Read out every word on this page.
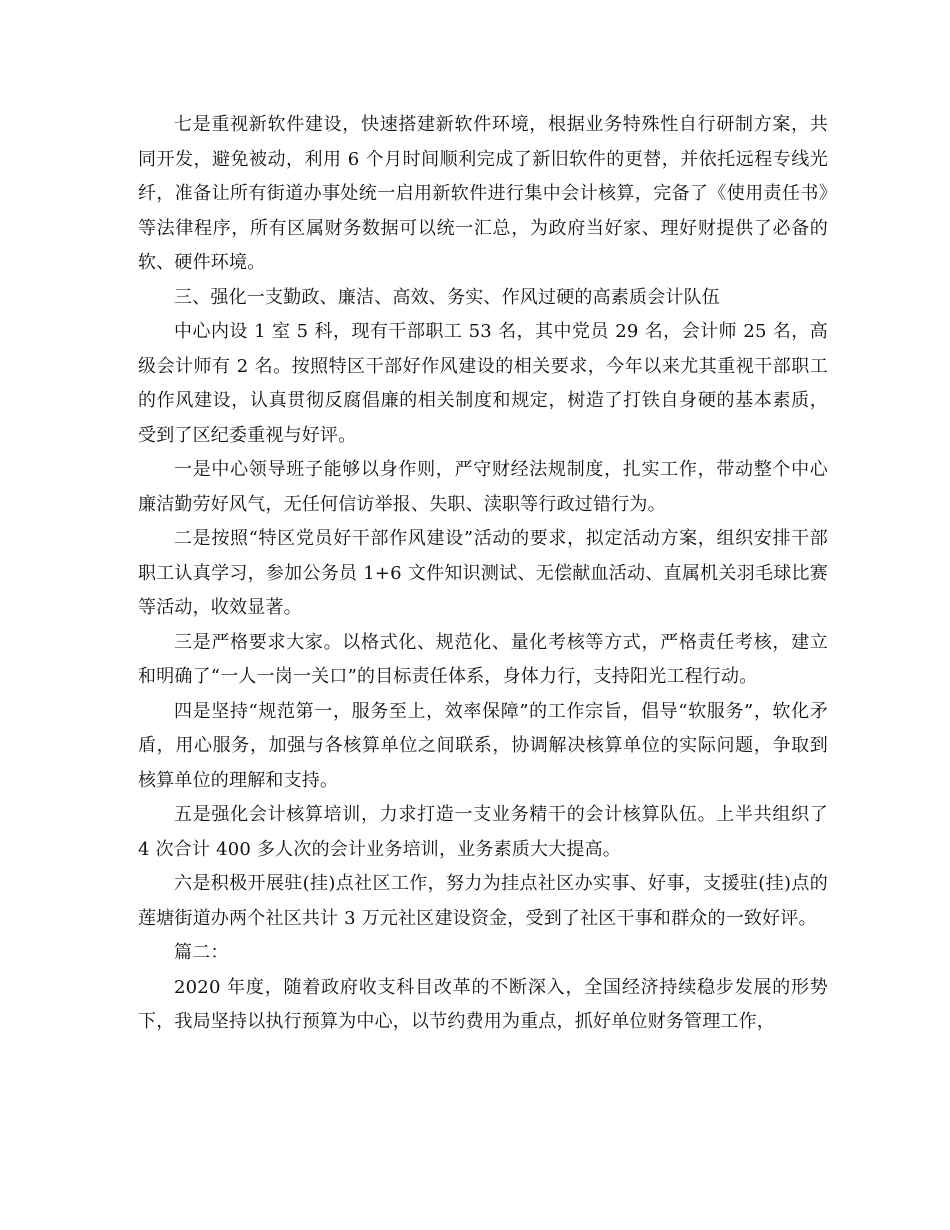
七是重视新软件建设，快速搭建新软件环境，根据业务特殊性自行研制方案，共同开发，避免被动，利用 6 个月时间顺利完成了新旧软件的更替，并依托远程专线光纤，准备让所有街道办事处统一启用新软件进行集中会计核算，完备了《使用责任书》等法律程序，所有区属财务数据可以统一汇总，为政府当好家、理好财提供了必备的软、硬件环境。

三、强化一支勤政、廉洁、高效、务实、作风过硬的高素质会计队伍

中心内设 1 室 5 科，现有干部职工 53 名，其中党员 29 名，会计师 25 名，高级会计师有 2 名。按照特区干部好作风建设的相关要求，今年以来尤其重视干部职工的作风建设，认真贯彻反腐倡廉的相关制度和规定，树造了打铁自身硬的基本素质，受到了区纪委重视与好评。

一是中心领导班子能够以身作则，严守财经法规制度，扎实工作，带动整个中心廉洁勤劳好风气，无任何信访举报、失职、渎职等行政过错行为。

二是按照“特区党员好干部作风建设”活动的要求，拟定活动方案，组织安排干部职工认真学习，参加公务员 1+6 文件知识测试、无偿献血活动、直属机关羽毛球比赛等活动，收效显著。

三是严格要求大家。以格式化、规范化、量化考核等方式，严格责任考核，建立和明确了“一人一岗一关口”的目标责任体系，身体力行，支持阳光工程行动。

四是坚持“规范第一，服务至上，效率保障”的工作宗旨，倡导“软服务”，软化矛盾，用心服务，加强与各核算单位之间联系，协调解决核算单位的实际问题，争取到核算单位的理解和支持。

五是强化会计核算培训，力求打造一支业务精干的会计核算队伍。上半共组织了 4 次合计 400 多人次的会计业务培训，业务素质大大提高。

六是积极开展驻(挂)点社区工作，努力为挂点社区办实事、好事，支援驻(挂)点的莲塘街道办两个社区共计 3 万元社区建设资金，受到了社区干事和群众的一致好评。

篇二：

2020 年度，随着政府收支科目改革的不断深入，全国经济持续稳步发展的形势下，我局坚持以执行预算为中心，以节约费用为重点，抓好单位财务管理工作，
